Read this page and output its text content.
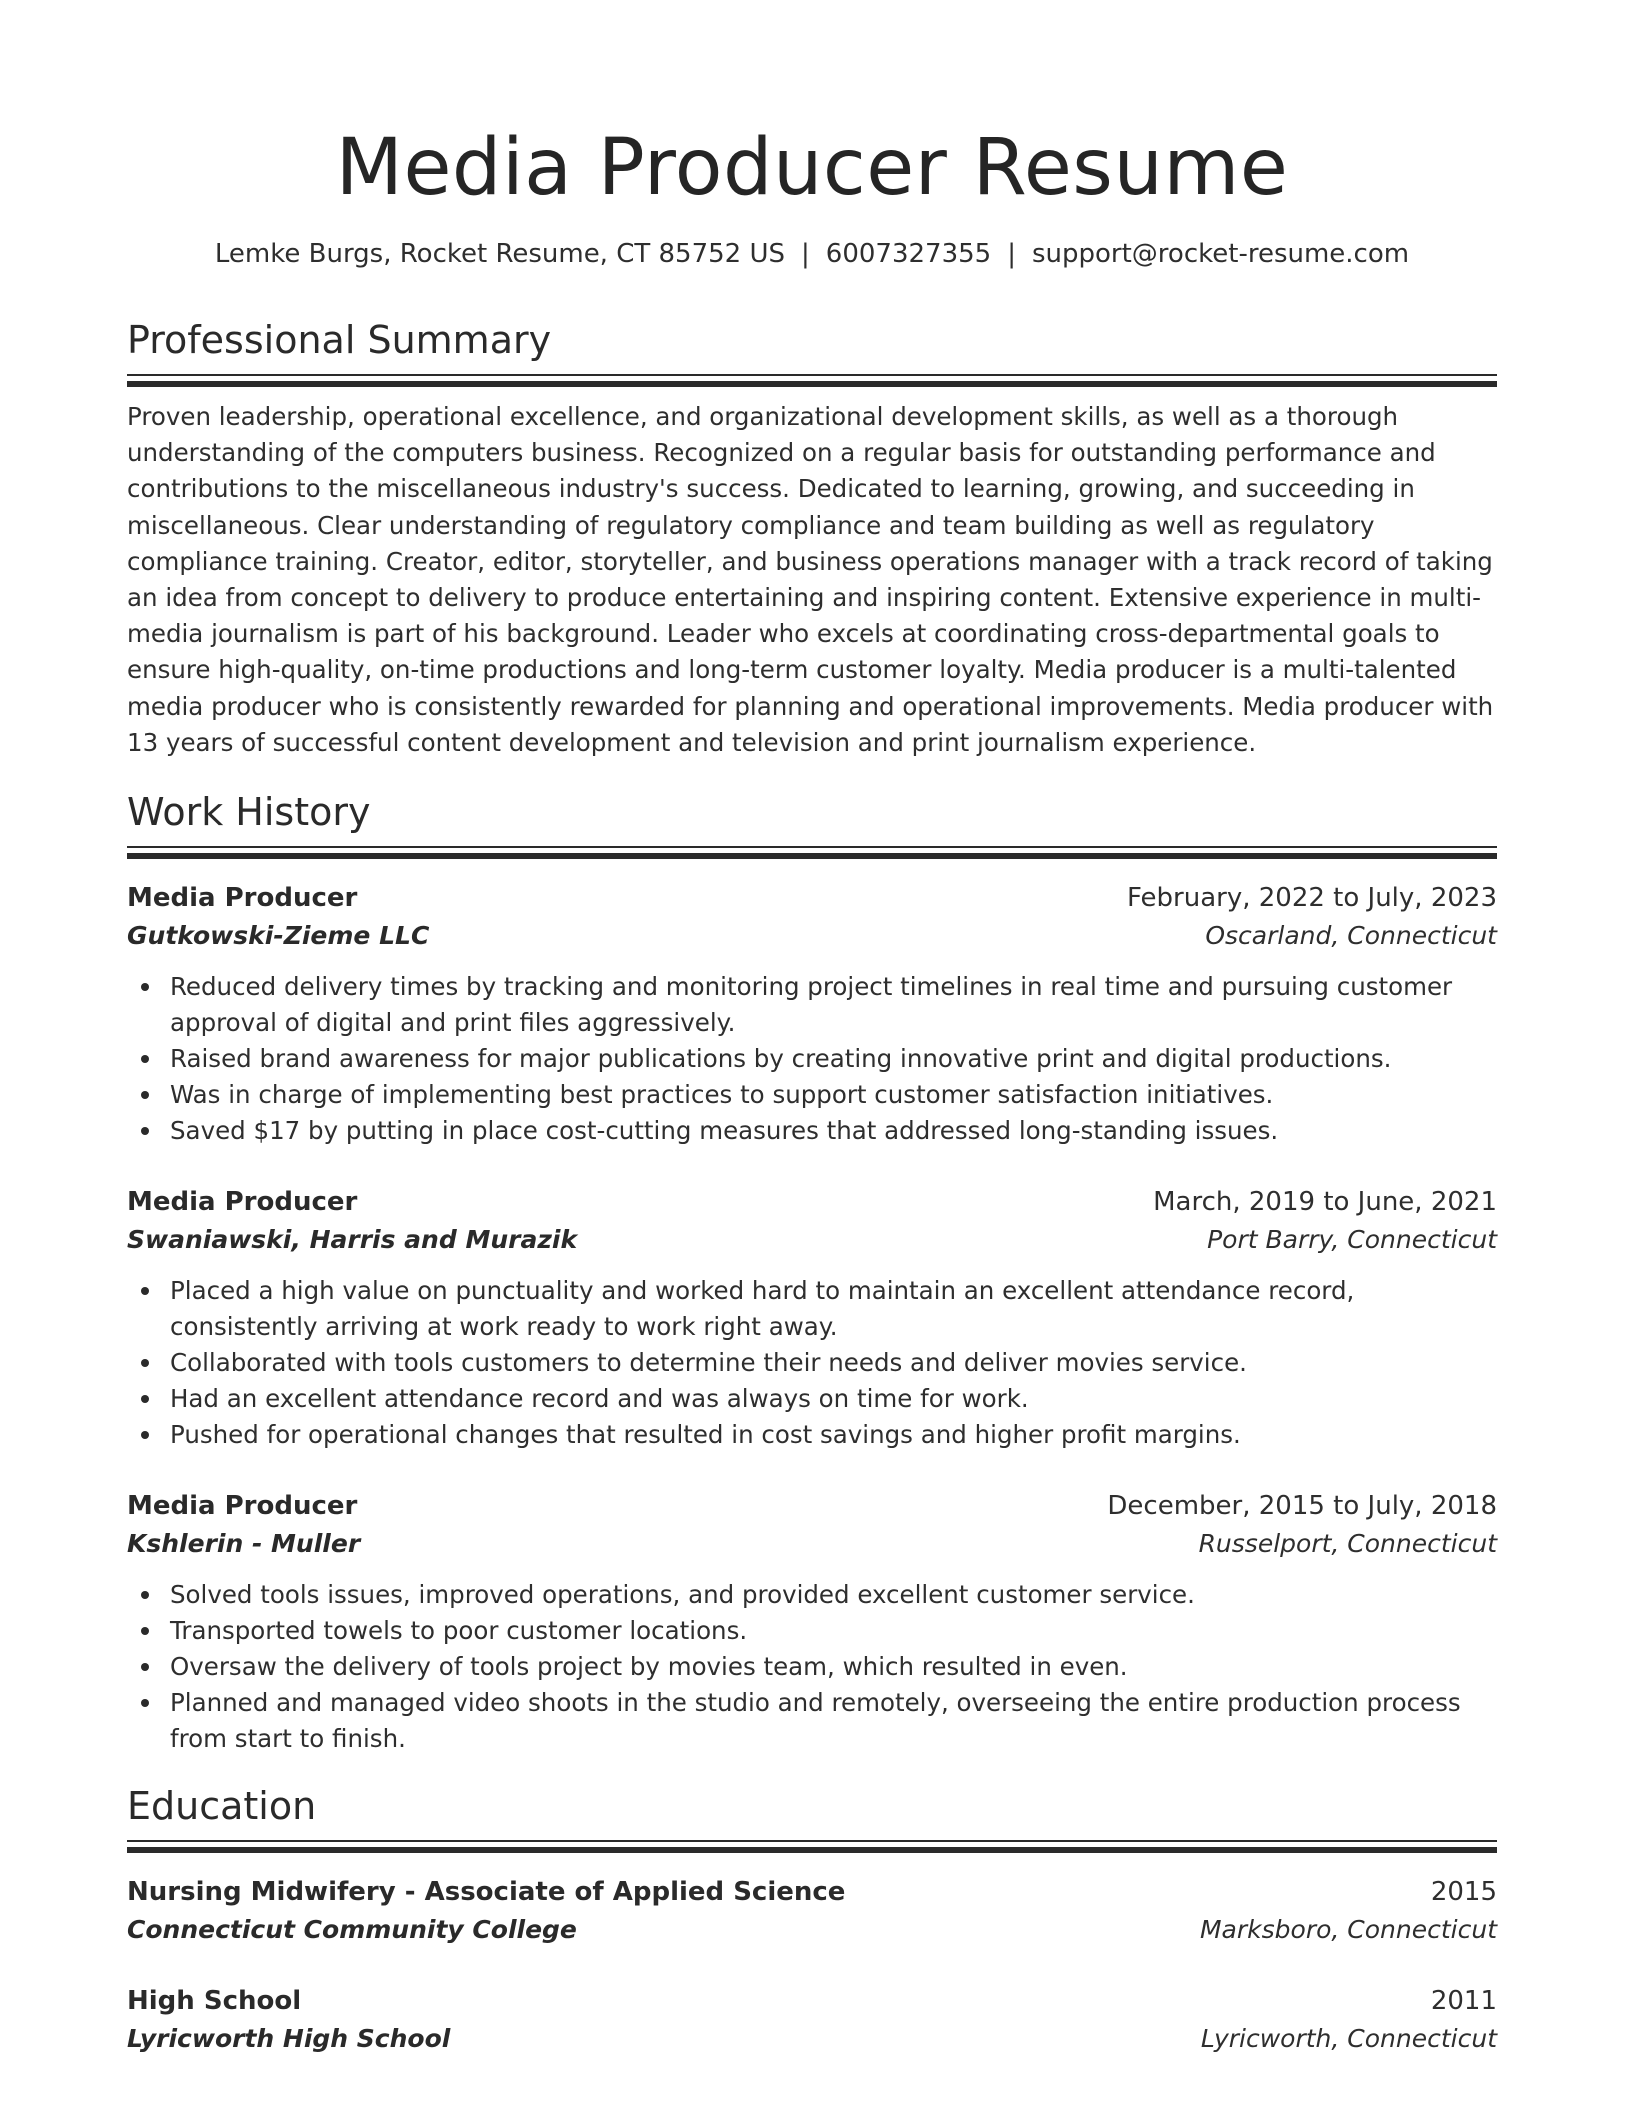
Media Producer Resume
Lemke Burgs, Rocket Resume, CT 85752 US | 6007327355 | support@rocket-resume.com
Professional Summary
Proven leadership, operational excellence, and organizational development skills, as well as a thorough understanding of the computers business. Recognized on a regular basis for outstanding performance and contributions to the miscellaneous industry's success. Dedicated to learning, growing, and succeeding in miscellaneous. Clear understanding of regulatory compliance and team building as well as regulatory compliance training. Creator, editor, storyteller, and business operations manager with a track record of taking an idea from concept to delivery to produce entertaining and inspiring content. Extensive experience in multi-media journalism is part of his background. Leader who excels at coordinating cross-departmental goals to ensure high-quality, on-time productions and long-term customer loyalty. Media producer is a multi-talented media producer who is consistently rewarded for planning and operational improvements. Media producer with 13 years of successful content development and television and print journalism experience.
Work History
Media Producer	February, 2022 to July, 2023
Gutkowski-Zieme LLC	Oscarland, Connecticut
Reduced delivery times by tracking and monitoring project timelines in real time and pursuing customer approval of digital and print files aggressively.
Raised brand awareness for major publications by creating innovative print and digital productions.
Was in charge of implementing best practices to support customer satisfaction initiatives.
Saved $17 by putting in place cost-cutting measures that addressed long-standing issues.
Media Producer	March, 2019 to June, 2021
Swaniawski, Harris and Murazik	Port Barry, Connecticut
Placed a high value on punctuality and worked hard to maintain an excellent attendance record, consistently arriving at work ready to work right away.
Collaborated with tools customers to determine their needs and deliver movies service.
Had an excellent attendance record and was always on time for work.
Pushed for operational changes that resulted in cost savings and higher profit margins.
Media Producer	December, 2015 to July, 2018
Kshlerin - Muller	Russelport, Connecticut
Solved tools issues, improved operations, and provided excellent customer service.
Transported towels to poor customer locations.
Oversaw the delivery of tools project by movies team, which resulted in even.
Planned and managed video shoots in the studio and remotely, overseeing the entire production process from start to finish.
Education
Nursing Midwifery - Associate of Applied Science	2015
Connecticut Community College	Marksboro, Connecticut
High School	2011
Lyricworth High School	Lyricworth, Connecticut
